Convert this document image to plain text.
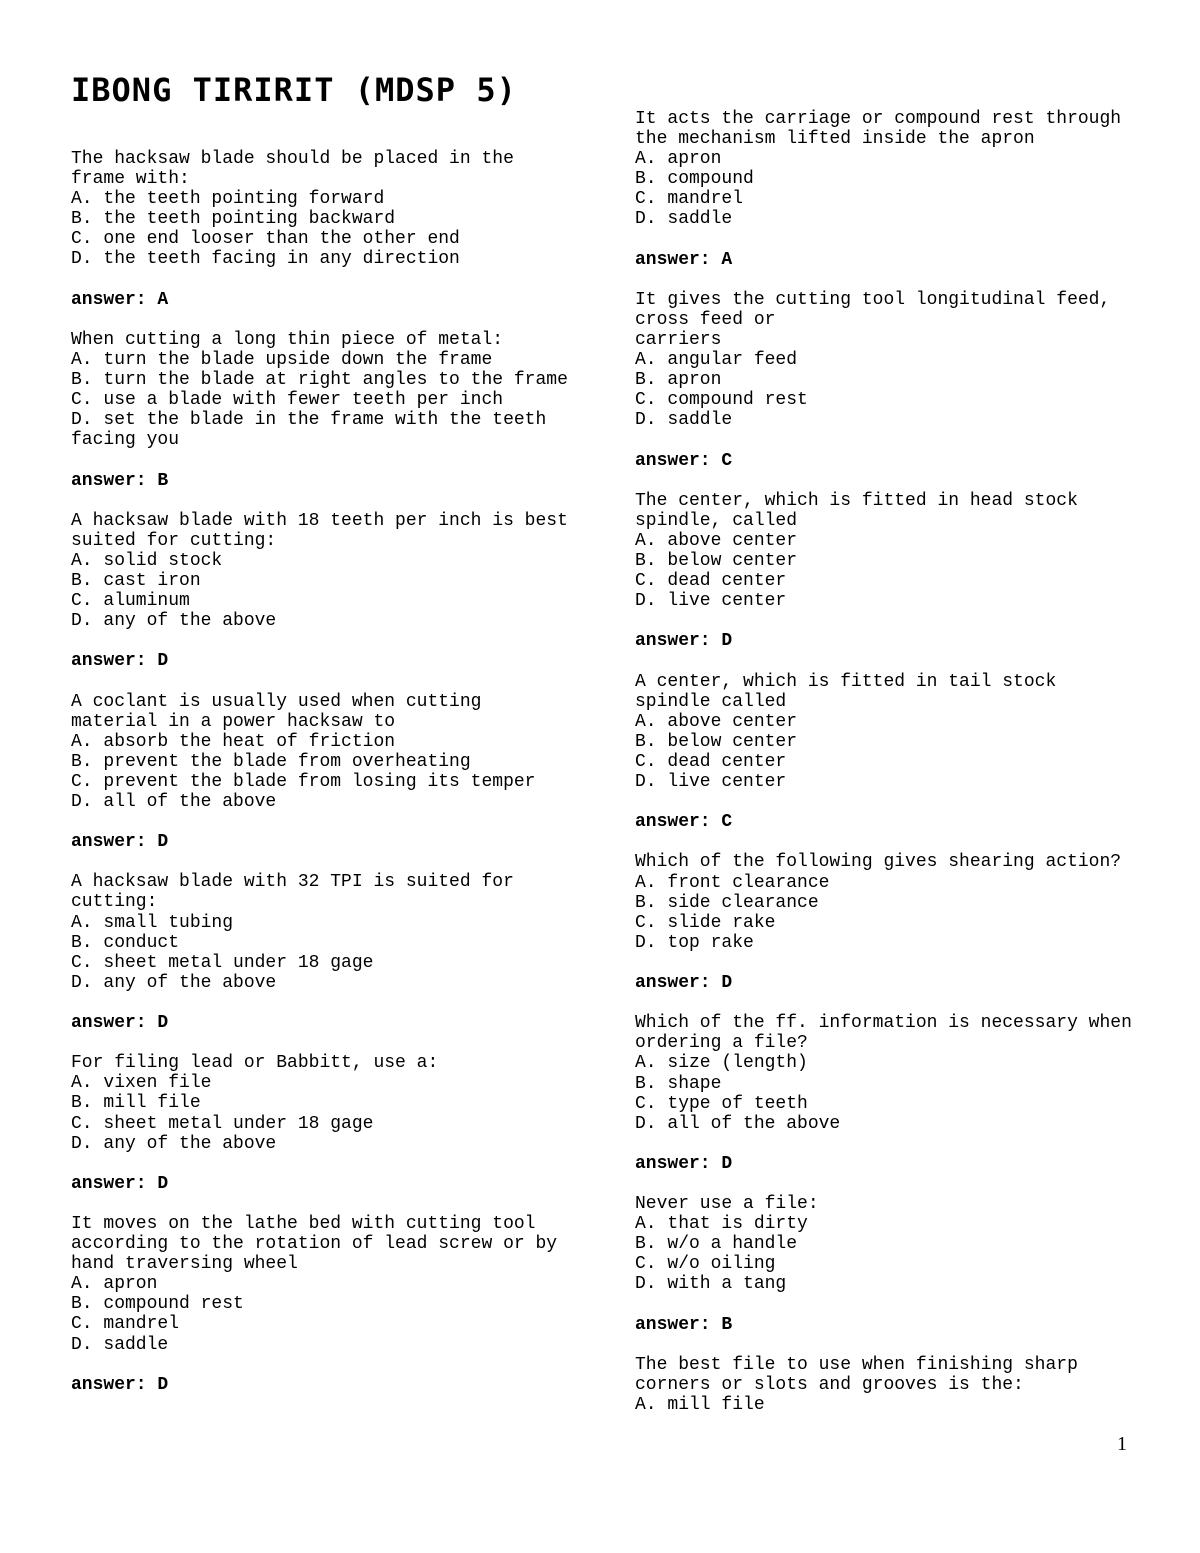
IBONG TIRIRIT (MDSP 5)
The hacksaw blade should be placed in the
frame with:
A. the teeth pointing forward
B. the teeth pointing backward
C. one end looser than the other end
D. the teeth facing in any direction
answer: A
When cutting a long thin piece of metal:
A. turn the blade upside down the frame
B. turn the blade at right angles to the frame
C. use a blade with fewer teeth per inch
D. set the blade in the frame with the teeth
facing you
answer: B
A hacksaw blade with 18 teeth per inch is best
suited for cutting:
A. solid stock
B. cast iron
C. aluminum
D. any of the above
answer: D
A coclant is usually used when cutting
material in a power hacksaw to
A. absorb the heat of friction
B. prevent the blade from overheating
C. prevent the blade from losing its temper
D. all of the above
answer: D
A hacksaw blade with 32 TPI is suited for
cutting:
A. small tubing
B. conduct
C. sheet metal under 18 gage
D. any of the above
answer: D
For filing lead or Babbitt, use a:
A. vixen file
B. mill file
C. sheet metal under 18 gage
D. any of the above
answer: D
It moves on the lathe bed with cutting tool
according to the rotation of lead screw or by
hand traversing wheel
A. apron
B. compound rest
C. mandrel
D. saddle
answer: D
It acts the carriage or compound rest through
the mechanism lifted inside the apron
A. apron
B. compound
C. mandrel
D. saddle
answer: A
It gives the cutting tool longitudinal feed,
cross feed or
carriers
A. angular feed
B. apron
C. compound rest
D. saddle
answer: C
The center, which is fitted in head stock
spindle, called
A. above center
B. below center
C. dead center
D. live center
answer: D
A center, which is fitted in tail stock
spindle called
A. above center
B. below center
C. dead center
D. live center
answer: C
Which of the following gives shearing action?
A. front clearance
B. side clearance
C. slide rake
D. top rake
answer: D
Which of the ff. information is necessary when
ordering a file?
A. size (length)
B. shape
C. type of teeth
D. all of the above
answer: D
Never use a file:
A. that is dirty
B. w/o a handle
C. w/o oiling
D. with a tang
answer: B
The best file to use when finishing sharp
corners or slots and grooves is the:
A. mill file
1
